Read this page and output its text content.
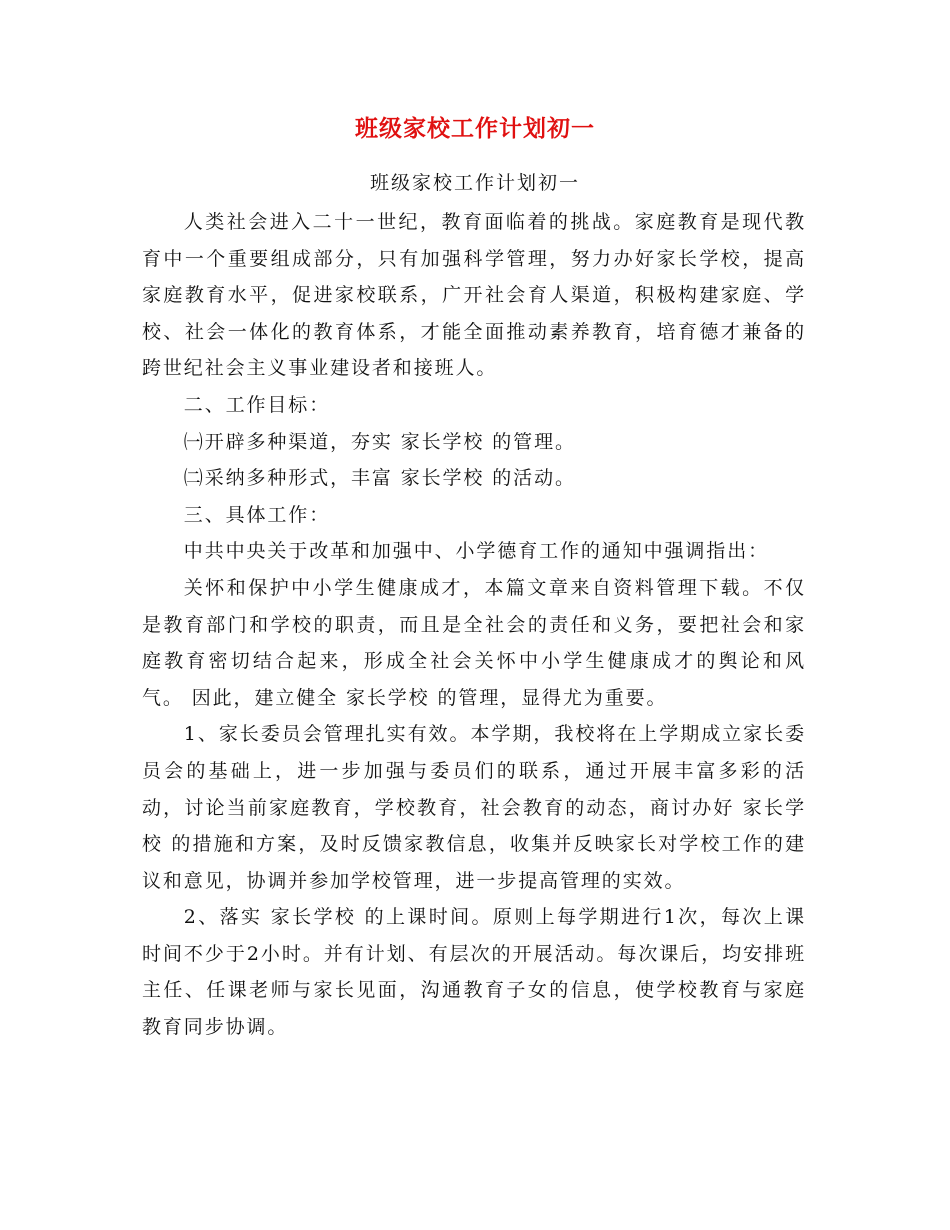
班级家校工作计划初一
班级家校工作计划初一

人类社会进入二十一世纪，教育面临着的挑战。家庭教育是现代教育中一个重要组成部分，只有加强科学管理，努力办好家长学校，提高家庭教育水平，促进家校联系，广开社会育人渠道，积极构建家庭、学校、社会一体化的教育体系，才能全面推动素养教育，培育德才兼备的跨世纪社会主义事业建设者和接班人。

二、工作目标：

㈠开辟多种渠道，夯实 家长学校 的管理。

㈡采纳多种形式，丰富 家长学校 的活动。

三、具体工作：

中共中央关于改革和加强中、小学德育工作的通知中强调指出：

关怀和保护中小学生健康成才，本篇文章来自资料管理下载。不仅是教育部门和学校的职责，而且是全社会的责任和义务，要把社会和家庭教育密切结合起来，形成全社会关怀中小学生健康成才的舆论和风气。 因此，建立健全 家长学校 的管理，显得尤为重要。

1、家长委员会管理扎实有效。本学期，我校将在上学期成立家长委员会的基础上，进一步加强与委员们的联系，通过开展丰富多彩的活动，讨论当前家庭教育，学校教育，社会教育的动态，商讨办好 家长学校 的措施和方案，及时反馈家教信息，收集并反映家长对学校工作的建议和意见，协调并参加学校管理，进一步提高管理的实效。

2、落实 家长学校 的上课时间。原则上每学期进行1次，每次上课时间不少于2小时。并有计划、有层次的开展活动。每次课后，均安排班主任、任课老师与家长见面，沟通教育子女的信息，使学校教育与家庭教育同步协调。
